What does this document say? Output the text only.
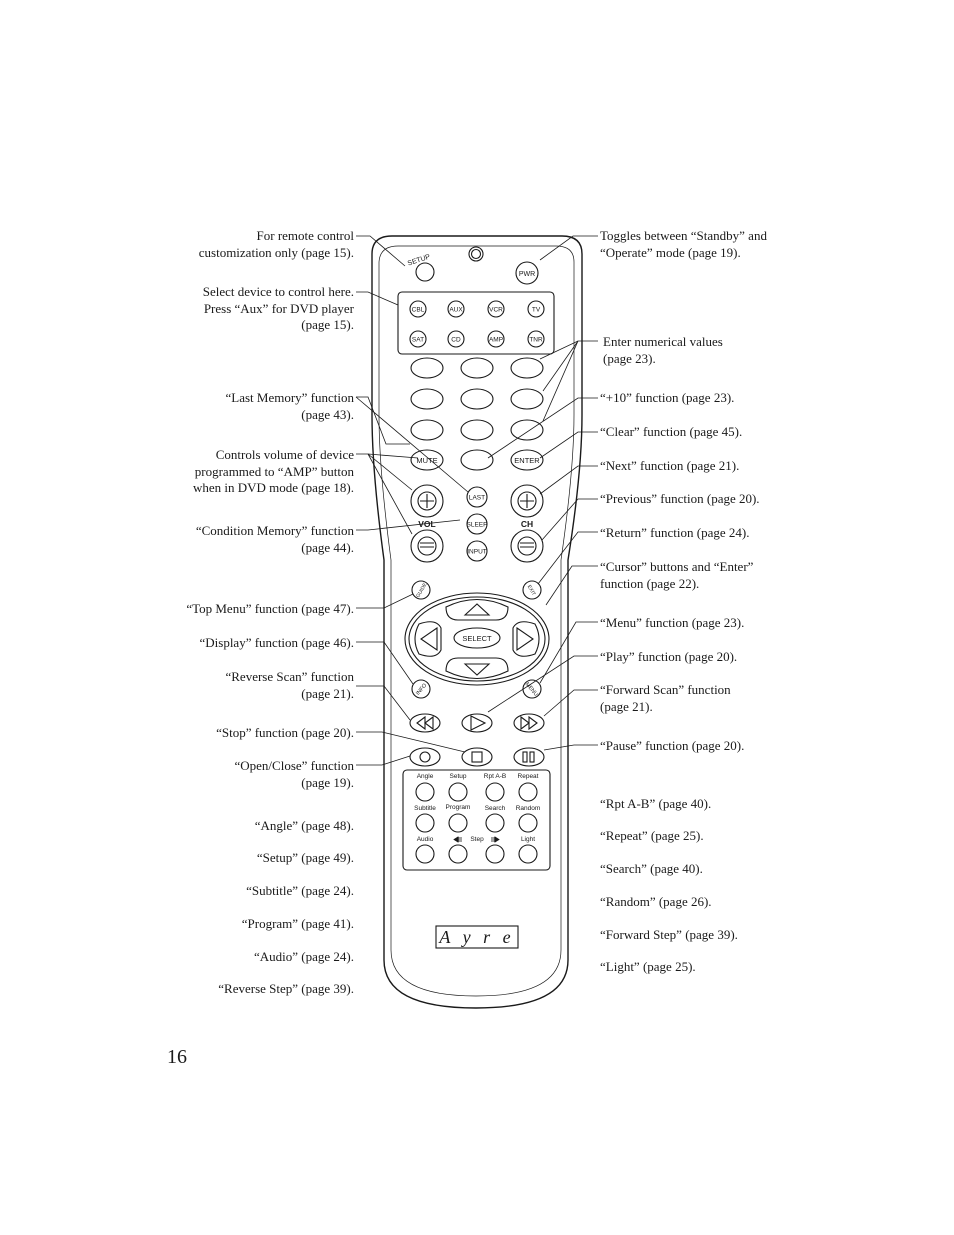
For remote control
customization only (page 15).
Select device to control here.
Press “Aux” for DVD player
(page 15).
“Last Memory” function
(page 43).
Controls volume of device
programmed to “AMP” button
when in DVD mode (page 18).
“Condition Memory” function
(page 44).
“Top Menu” function (page 47).
“Display” function (page 46).
“Reverse Scan” function
(page 21).
“Stop” function (page 20).
“Open/Close” function
(page 19).
“Angle” (page 48).
“Setup” (page 49).
“Subtitle” (page 24).
“Program” (page 41).
“Audio” (page 24).
“Reverse Step” (page 39).
Toggles between “Standby” and
“Operate” mode (page 19).
Enter numerical values
(page 23).
“+10” function (page 23).
“Clear” function (page 45).
“Next” function (page 21).
“Previous” function (page 20).
“Return” function (page 24).
“Cursor” buttons and “Enter”
function (page 22).
“Menu” function (page 23).
“Play” function (page 20).
“Forward Scan” function
(page 21).
“Pause” function (page 20).
“Rpt A-B” (page 40).
“Repeat” (page 25).
“Search” (page 40).
“Random” (page 26).
“Forward Step” (page 39).
“Light” (page 25).
16
SETUP
PWR
CBL	AUX	VCR	TV
SAT	CD	AMP	TNR
MUTE	ENTER
VOL	CH
LAST
SLEEP
INPUT
GUIDE	EXIT
SELECT
INFO	MENU
Angle Setup	Rpt A-B Repeat
Subtitle Program Search Random
Audio	Step	Light
A y r e
